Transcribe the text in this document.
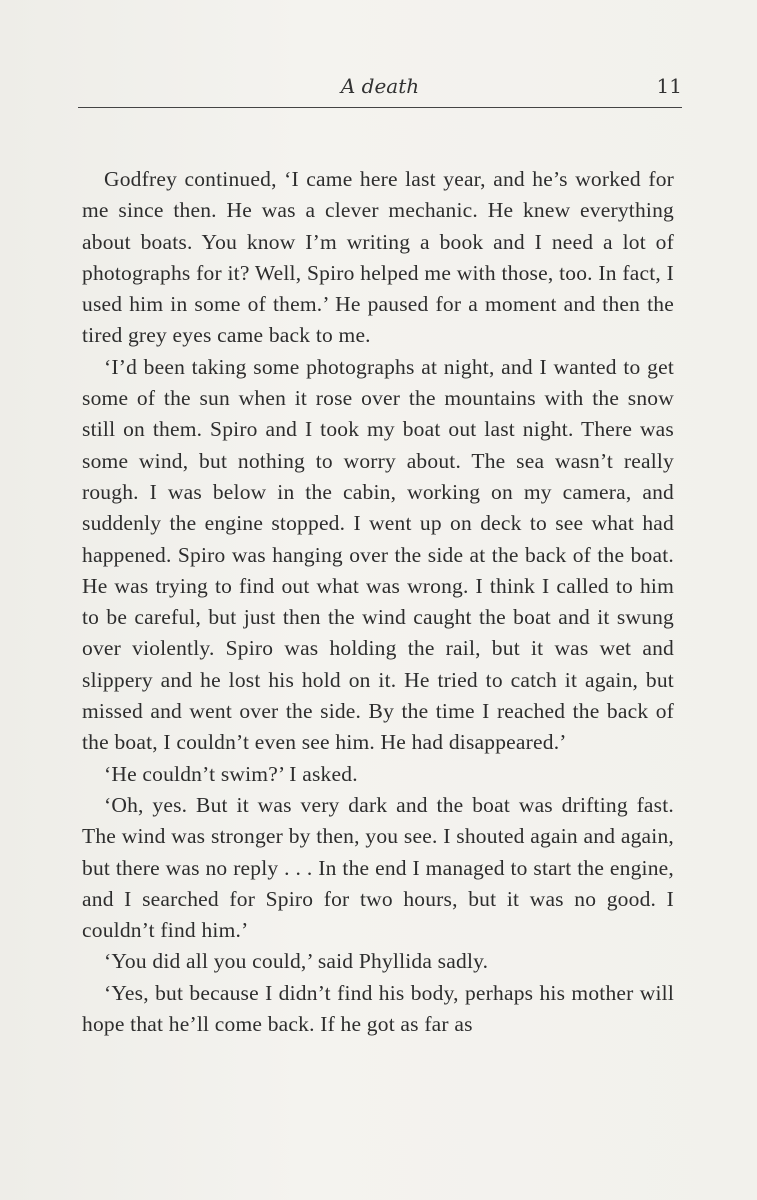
A death	11

Godfrey continued, ‘I came here last year, and he’s worked for me since then. He was a clever mechanic. He knew everything about boats. You know I’m writing a book and I need a lot of photographs for it? Well, Spiro helped me with those, too. In fact, I used him in some of them.’ He paused for a moment and then the tired grey eyes came back to me.

‘I’d been taking some photographs at night, and I wanted to get some of the sun when it rose over the mountains with the snow still on them. Spiro and I took my boat out last night. There was some wind, but nothing to worry about. The sea wasn’t really rough. I was below in the cabin, working on my camera, and suddenly the engine stopped. I went up on deck to see what had happened. Spiro was hanging over the side at the back of the boat. He was trying to find out what was wrong. I think I called to him to be careful, but just then the wind caught the boat and it swung over violently. Spiro was holding the rail, but it was wet and slippery and he lost his hold on it. He tried to catch it again, but missed and went over the side. By the time I reached the back of the boat, I couldn’t even see him. He had disappeared.’

‘He couldn’t swim?’ I asked.

‘Oh, yes. But it was very dark and the boat was drifting fast. The wind was stronger by then, you see. I shouted again and again, but there was no reply . . . In the end I managed to start the engine, and I searched for Spiro for two hours, but it was no good. I couldn’t find him.’

‘You did all you could,’ said Phyllida sadly.

‘Yes, but because I didn’t find his body, perhaps his mother will hope that he’ll come back. If he got as far as
